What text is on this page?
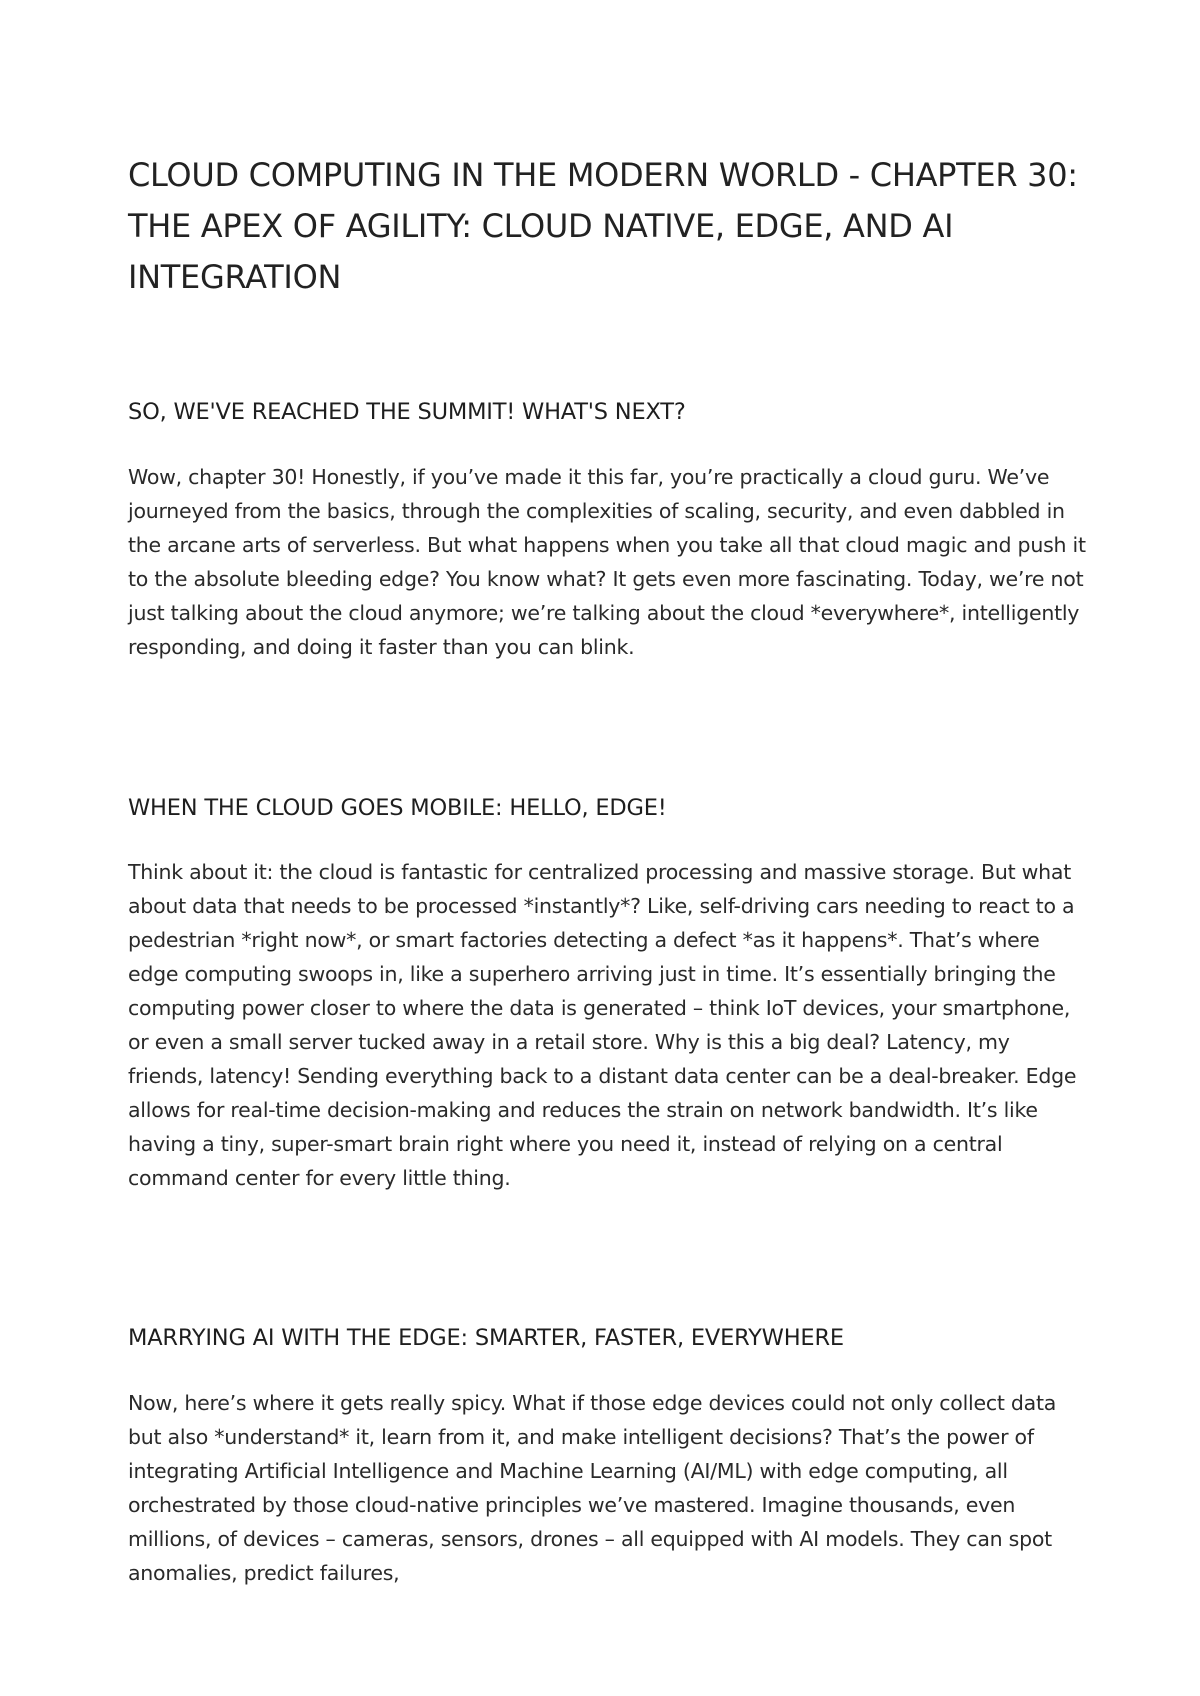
CLOUD COMPUTING IN THE MODERN WORLD - CHAPTER 30: THE APEX OF AGILITY: CLOUD NATIVE, EDGE, AND AI INTEGRATION
SO, WE'VE REACHED THE SUMMIT! WHAT'S NEXT?

Wow, chapter 30! Honestly, if you’ve made it this far, you’re practically a cloud guru. We’ve journeyed from the basics, through the complexities of scaling, security, and even dabbled in the arcane arts of serverless. But what happens when you take all that cloud magic and push it to the absolute bleeding edge? You know what? It gets even more fascinating. Today, we’re not just talking about the cloud anymore; we’re talking about the cloud *everywhere*, intelligently responding, and doing it faster than you can blink.

WHEN THE CLOUD GOES MOBILE: HELLO, EDGE!

Think about it: the cloud is fantastic for centralized processing and massive storage. But what about data that needs to be processed *instantly*? Like, self-driving cars needing to react to a pedestrian *right now*, or smart factories detecting a defect *as it happens*. That’s where edge computing swoops in, like a superhero arriving just in time. It’s essentially bringing the computing power closer to where the data is generated – think IoT devices, your smartphone, or even a small server tucked away in a retail store. Why is this a big deal? Latency, my friends, latency! Sending everything back to a distant data center can be a deal-breaker. Edge allows for real-time decision-making and reduces the strain on network bandwidth. It’s like having a tiny, super-smart brain right where you need it, instead of relying on a central command center for every little thing.

MARRYING AI WITH THE EDGE: SMARTER, FASTER, EVERYWHERE

Now, here’s where it gets really spicy. What if those edge devices could not only collect data but also *understand* it, learn from it, and make intelligent decisions? That’s the power of integrating Artificial Intelligence and Machine Learning (AI/ML) with edge computing, all orchestrated by those cloud-native principles we’ve mastered. Imagine thousands, even millions, of devices – cameras, sensors, drones – all equipped with AI models. They can spot anomalies, predict failures,
